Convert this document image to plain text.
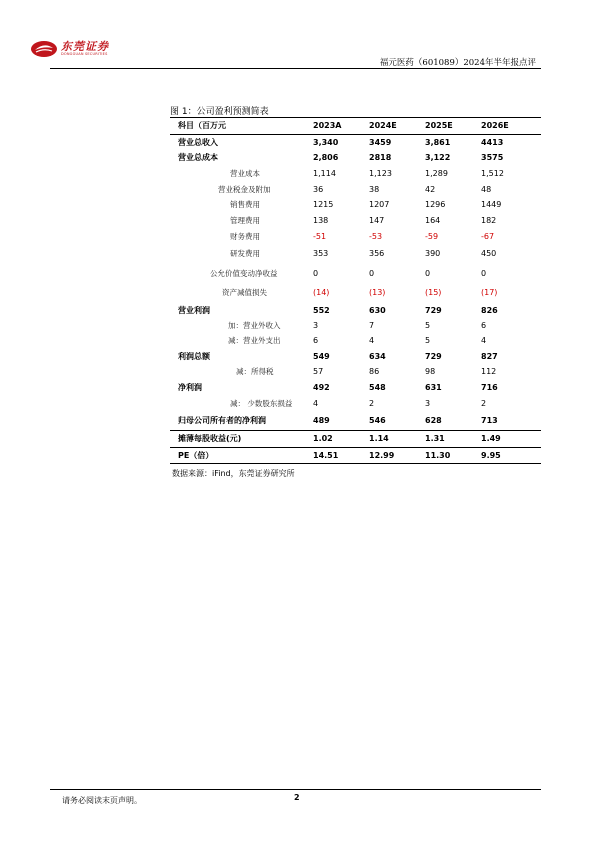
东莞证券
DONGGUAN SECURITIES
福元医药（601089）2024年半年报点评
图 1：公司盈利预测简表
科目（百万元	2023A	2024E	2025E	2026E
营业总收入	3,340	3459	3,861	4413
营业总成本	2,806	2818	3,122	3575
营业成本	1,114	1,123	1,289	1,512
营业税金及附加	36	38	42	48
销售费用	1215	1207	1296	1449
管理费用	138	147	164	182
财务费用	-51	-53	-59	-67
研发费用	353	356	390	450
公允价值变动净收益	0	0	0	0
资产减值损失	(14)	(13)	(15)	(17)
营业利润	552	630	729	826
加：营业外收入	3	7	5	6
减：营业外支出	6	4	5	4
利润总额	549	634	729	827
减：所得税	57	86	98	112
净利润	492	548	631	716
减： 少数股东损益	4	2	3	2
归母公司所有者的净利润	489	546	628	713
摊薄每股收益(元)	1.02	1.14	1.31	1.49
PE（倍）	14.51	12.99	11.30	9.95
数据来源：iFind，东莞证券研究所
请务必阅读末页声明。	2
